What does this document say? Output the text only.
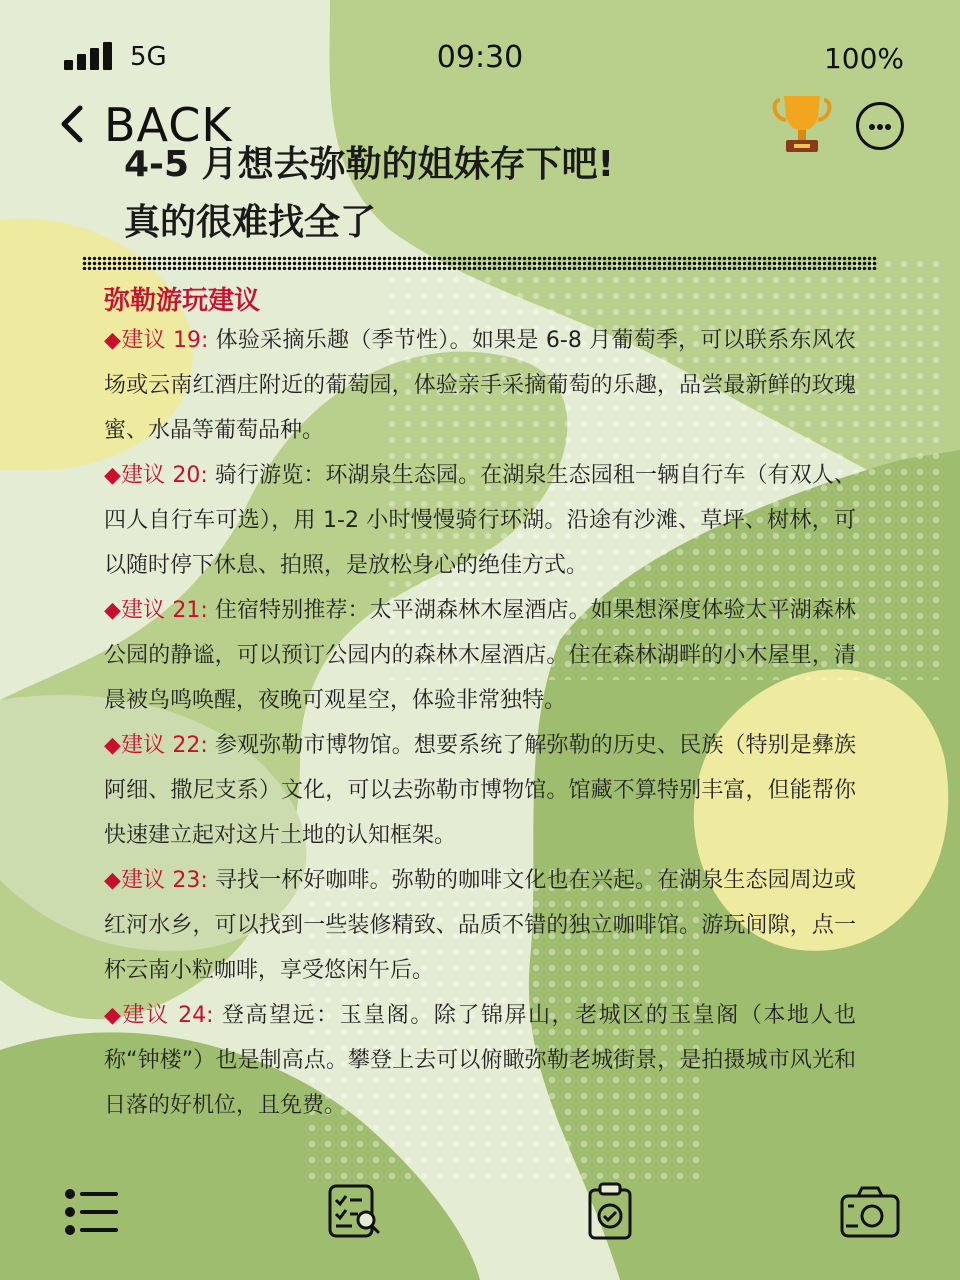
5G	09:30	100%
BACK
4-5 月想去弥勒的姐妹存下吧!
真的很难找全了
弥勒游玩建议

◆建议 19: 体验采摘乐趣（季节性）。如果是 6-8 月葡萄季，可以联系东风农场或云南红酒庄附近的葡萄园，体验亲手采摘葡萄的乐趣，品尝最新鲜的玫瑰蜜、水晶等葡萄品种。

◆建议 20: 骑行游览：环湖泉生态园。在湖泉生态园租一辆自行车（有双人、四人自行车可选），用 1-2 小时慢慢骑行环湖。沿途有沙滩、草坪、树林，可以随时停下休息、拍照，是放松身心的绝佳方式。

◆建议 21: 住宿特别推荐：太平湖森林木屋酒店。如果想深度体验太平湖森林公园的静谧，可以预订公园内的森林木屋酒店。住在森林湖畔的小木屋里，清晨被鸟鸣唤醒，夜晚可观星空，体验非常独特。

◆建议 22: 参观弥勒市博物馆。想要系统了解弥勒的历史、民族（特别是彝族阿细、撒尼支系）文化，可以去弥勒市博物馆。馆藏不算特别丰富，但能帮你快速建立起对这片土地的认知框架。

◆建议 23: 寻找一杯好咖啡。弥勒的咖啡文化也在兴起。在湖泉生态园周边或红河水乡，可以找到一些装修精致、品质不错的独立咖啡馆。游玩间隙，点一杯云南小粒咖啡，享受悠闲午后。

◆建议 24: 登高望远：玉皇阁。除了锦屏山，老城区的玉皇阁（本地人也称“钟楼”）也是制高点。攀登上去可以俯瞰弥勒老城街景，是拍摄城市风光和日落的好机位，且免费。
